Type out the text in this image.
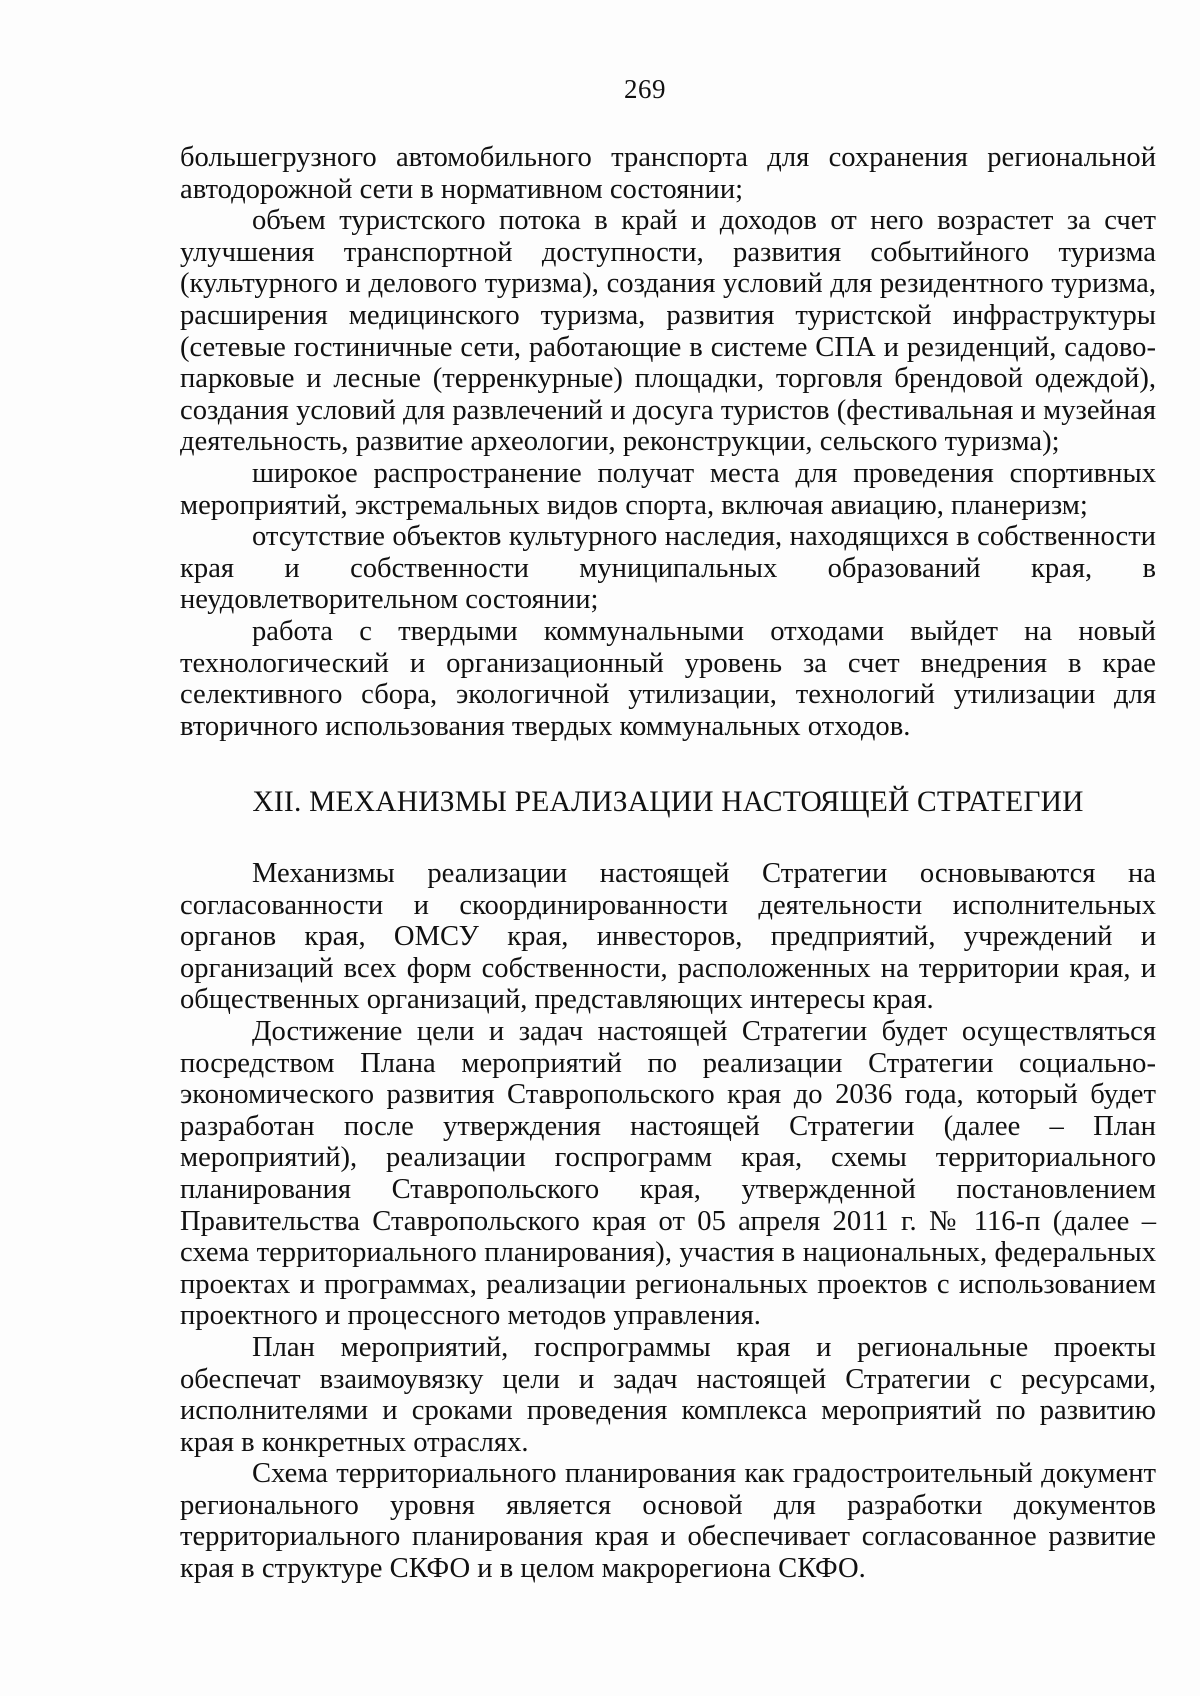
269

большегрузного автомобильного транспорта для сохранения региональной автодорожной сети в нормативном состоянии;

объем туристского потока в край и доходов от него возрастет за счет улучшения транспортной доступности, развития событийного туризма (культурного и делового туризма), создания условий для резидентного туризма, расширения медицинского туризма, развития туристской инфраструктуры (сетевые гостиничные сети, работающие в системе СПА и резиденций, садово-парковые и лесные (терренкурные) площадки, торговля брендовой одеждой), создания условий для развлечений и досуга туристов (фестивальная и музейная деятельность, развитие археологии, реконструкции, сельского туризма);

широкое распространение получат места для проведения спортивных мероприятий, экстремальных видов спорта, включая авиацию, планеризм;

отсутствие объектов культурного наследия, находящихся в собственности края и собственности муниципальных образований края, в неудовлетворительном состоянии;

работа с твердыми коммунальными отходами выйдет на новый технологический и организационный уровень за счет внедрения в крае селективного сбора, экологичной утилизации, технологий утилизации для вторичного использования твердых коммунальных отходов.

XII. МЕХАНИЗМЫ РЕАЛИЗАЦИИ НАСТОЯЩЕЙ СТРАТЕГИИ

Механизмы реализации настоящей Стратегии основываются на согласованности и скоординированности деятельности исполнительных органов края, ОМСУ края, инвесторов, предприятий, учреждений и организаций всех форм собственности, расположенных на территории края, и общественных организаций, представляющих интересы края.

Достижение цели и задач настоящей Стратегии будет осуществляться посредством Плана мероприятий по реализации Стратегии социально-экономического развития Ставропольского края до 2036 года, который будет разработан после утверждения настоящей Стратегии (далее – План мероприятий), реализации госпрограмм края, схемы территориального планирования Ставропольского края, утвержденной постановлением Правительства Ставропольского края от 05 апреля 2011 г. № 116-п (далее – схема территориального планирования), участия в национальных, федеральных проектах и программах, реализации региональных проектов с использованием проектного и процессного методов управления.

План мероприятий, госпрограммы края и региональные проекты обеспечат взаимоувязку цели и задач настоящей Стратегии с ресурсами, исполнителями и сроками проведения комплекса мероприятий по развитию края в конкретных отраслях.

Схема территориального планирования как градостроительный документ регионального уровня является основой для разработки документов территориального планирования края и обеспечивает согласованное развитие края в структуре СКФО и в целом макрорегиона СКФО.
